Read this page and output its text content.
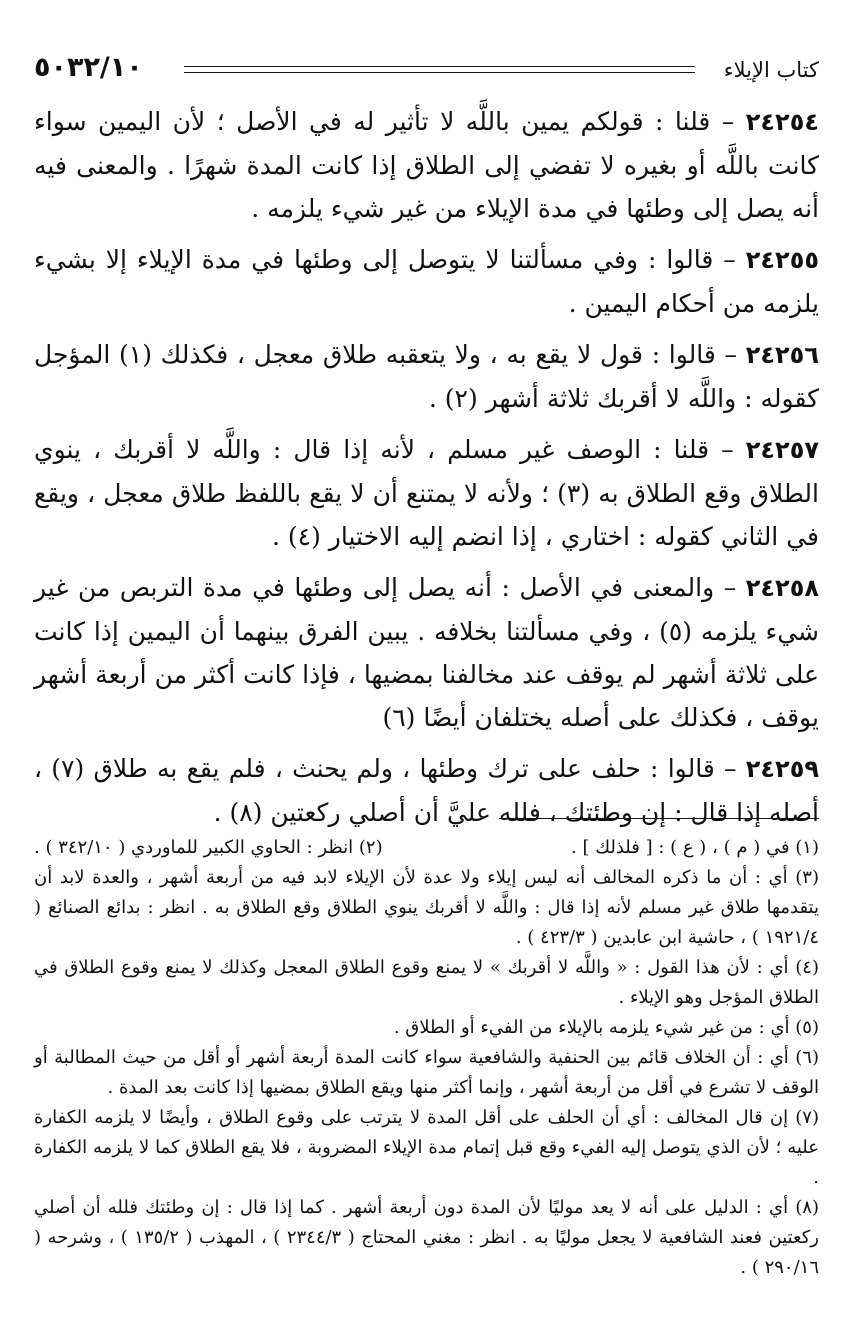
٥٠٣٢/١٠	كتاب الإيلاء

٢٤٢٥٤ – قلنا : قولكم يمين باللَّه لا تأثير له في الأصل ؛ لأن اليمين سواء كانت باللَّه أو بغيره لا تفضي إلى الطلاق إذا كانت المدة شهرًا . والمعنى فيه أنه يصل إلى وطئها في مدة الإيلاء من غير شيء يلزمه .

٢٤٢٥٥ – قالوا : وفي مسألتنا لا يتوصل إلى وطئها في مدة الإيلاء إلا بشيء يلزمه من أحكام اليمين .

٢٤٢٥٦ – قالوا : قول لا يقع به ، ولا يتعقبه طلاق معجل ، فكذلك (١) المؤجل كقوله : واللَّه لا أقربك ثلاثة أشهر (٢) .

٢٤٢٥٧ – قلنا : الوصف غير مسلم ، لأنه إذا قال : واللَّه لا أقربك ، ينوي الطلاق وقع الطلاق به (٣) ؛ ولأنه لا يمتنع أن لا يقع باللفظ طلاق معجل ، ويقع في الثاني كقوله : اختاري ، إذا انضم إليه الاختيار (٤) .

٢٤٢٥٨ – والمعنى في الأصل : أنه يصل إلى وطئها في مدة التربص من غير شيء يلزمه (٥) ، وفي مسألتنا بخلافه . يبين الفرق بينهما أن اليمين إذا كانت على ثلاثة أشهر لم يوقف عند مخالفنا بمضيها ، فإذا كانت أكثر من أربعة أشهر يوقف ، فكذلك على أصله يختلفان أيضًا (٦)

٢٤٢٥٩ – قالوا : حلف على ترك وطئها ، ولم يحنث ، فلم يقع به طلاق (٧) ، أصله إذا قال : إن وطئتك ، فلله عليَّ أن أصلي ركعتين (٨) .

(١) في ( م ) ، ( ع ) : [ فلذلك ] .

(٢) انظر : الحاوي الكبير للماوردي ( ٣٤٢/١٠ ) .

(٣) أي : أن ما ذكره المخالف أنه ليس إيلاء ولا عدة لأن الإيلاء لابد فيه من أربعة أشهر ، والعدة لابد أن يتقدمها طلاق غير مسلم لأنه إذا قال : واللَّه لا أقربك ينوي الطلاق وقع الطلاق به . انظر : بدائع الصنائع ( ١٩٢١/٤ ) ، حاشية ابن عابدين ( ٤٢٣/٣ ) .

(٤) أي : لأن هذا القول : « واللَّه لا أقربك » لا يمنع وقوع الطلاق المعجل وكذلك لا يمنع وقوع الطلاق في الطلاق المؤجل وهو الإيلاء .

(٥) أي : من غير شيء يلزمه بالإيلاء من الفيء أو الطلاق .

(٦) أي : أن الخلاف قائم بين الحنفية والشافعية سواء كانت المدة أربعة أشهر أو أقل من حيث المطالبة أو الوقف لا تشرع في أقل من أربعة أشهر ، وإنما أكثر منها ويقع الطلاق بمضيها إذا كانت بعد المدة .

(٧) إن قال المخالف : أي أن الحلف على أقل المدة لا يترتب على وقوع الطلاق ، وأيضًا لا يلزمه الكفارة عليه ؛ لأن الذي يتوصل إليه الفيء وقع قبل إتمام مدة الإيلاء المضروبة ، فلا يقع الطلاق كما لا يلزمه الكفارة .

(٨) أي : الدليل على أنه لا يعد موليًا لأن المدة دون أربعة أشهر . كما إذا قال : إن وطئتك فلله أن أصلي ركعتين فعند الشافعية لا يجعل موليًا به . انظر : مغني المحتاج ( ٢٣٤٤/٣ ) ، المهذب ( ١٣٥/٢ ) ، وشرحه ( ٢٩٠/١٦ ) .
